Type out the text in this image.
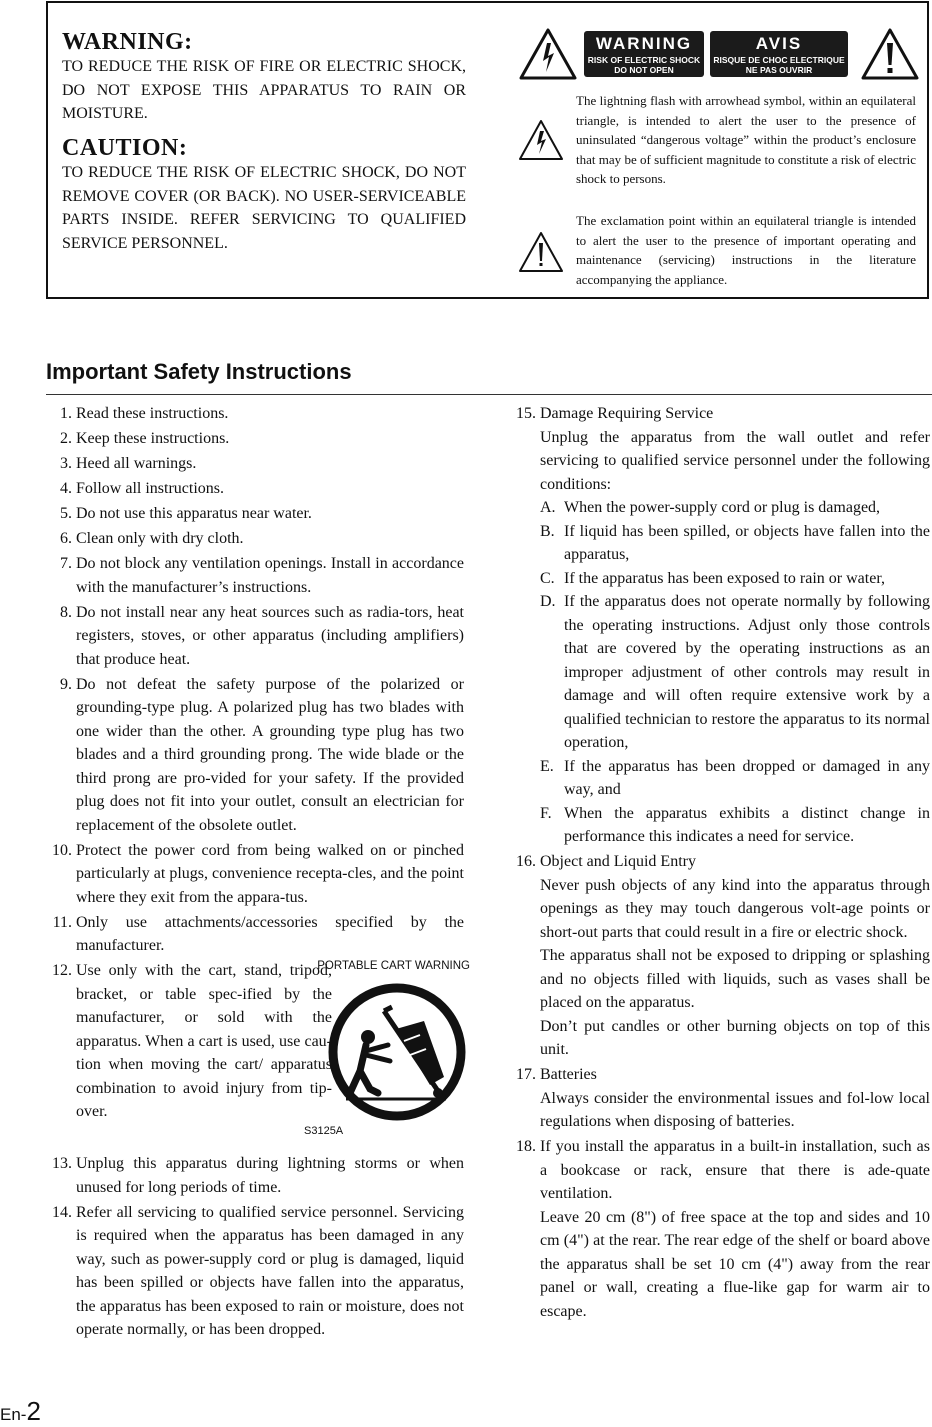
WARNING:
TO REDUCE THE RISK OF FIRE OR ELECTRIC SHOCK, DO NOT EXPOSE THIS APPARATUS TO RAIN OR MOISTURE.
CAUTION:
TO REDUCE THE RISK OF ELECTRIC SHOCK, DO NOT REMOVE COVER (OR BACK). NO USER-SERVICEABLE PARTS INSIDE. REFER SERVICING TO QUALIFIED SERVICE PERSONNEL.
WARNING
RISK OF ELECTRIC SHOCK
DO NOT OPEN
AVIS
RISQUE DE CHOC ELECTRIQUE
NE PAS OUVRIR
The lightning flash with arrowhead symbol, within an equilateral triangle, is intended to alert the user to the presence of uninsulated “dangerous voltage” within the product’s enclosure that may be of sufficient magnitude to constitute a risk of electric shock to persons.
The exclamation point within an equilateral triangle is intended to alert the user to the presence of important operating and maintenance (servicing) instructions in the literature accompanying the appliance.
Important Safety Instructions
1. Read these instructions.
2. Keep these instructions.
3. Heed all warnings.
4. Follow all instructions.
5. Do not use this apparatus near water.
6. Clean only with dry cloth.
7. Do not block any ventilation openings. Install in accordance with the manufacturer’s instructions.
8. Do not install near any heat sources such as radia-tors, heat registers, stoves, or other apparatus (including amplifiers) that produce heat.
9. Do not defeat the safety purpose of the polarized or grounding-type plug. A polarized plug has two blades with one wider than the other. A grounding type plug has two blades and a third grounding prong. The wide blade or the third prong are pro-vided for your safety. If the provided plug does not fit into your outlet, consult an electrician for replacement of the obsolete outlet.
10. Protect the power cord from being walked on or pinched particularly at plugs, convenience recepta-cles, and the point where they exit from the appara-tus.
11. Only use attachments/accessories specified by the manufacturer.
12. Use only with the cart, stand, tripod, bracket, or table spec-ified by the manufacturer, or sold with the apparatus. When a cart is used, use cau-tion when moving the cart/ apparatus combination to avoid injury from tip-over.
PORTABLE CART WARNING
S3125A
13. Unplug this apparatus during lightning storms or when unused for long periods of time.
14. Refer all servicing to qualified service personnel. Servicing is required when the apparatus has been damaged in any way, such as power-supply cord or plug is damaged, liquid has been spilled or objects have fallen into the apparatus, the apparatus has been exposed to rain or moisture, does not operate normally, or has been dropped.
15. Damage Requiring Service
Unplug the apparatus from the wall outlet and refer servicing to qualified service personnel under the following conditions:
A. When the power-supply cord or plug is damaged,
B. If liquid has been spilled, or objects have fallen into the apparatus,
C. If the apparatus has been exposed to rain or water,
D. If the apparatus does not operate normally by following the operating instructions. Adjust only those controls that are covered by the operating instructions as an improper adjustment of other controls may result in damage and will often require extensive work by a qualified technician to restore the apparatus to its normal operation,
E. If the apparatus has been dropped or damaged in any way, and
F. When the apparatus exhibits a distinct change in performance this indicates a need for service.
16. Object and Liquid Entry
Never push objects of any kind into the apparatus through openings as they may touch dangerous volt-age points or short-out parts that could result in a fire or electric shock.
The apparatus shall not be exposed to dripping or splashing and no objects filled with liquids, such as vases shall be placed on the apparatus.
Don’t put candles or other burning objects on top of this unit.
17. Batteries
Always consider the environmental issues and fol-low local regulations when disposing of batteries.
18. If you install the apparatus in a built-in installation, such as a bookcase or rack, ensure that there is ade-quate ventilation.
Leave 20 cm (8") of free space at the top and sides and 10 cm (4") at the rear. The rear edge of the shelf or board above the apparatus shall be set 10 cm (4") away from the rear panel or wall, creating a flue-like gap for warm air to escape.
En-2
